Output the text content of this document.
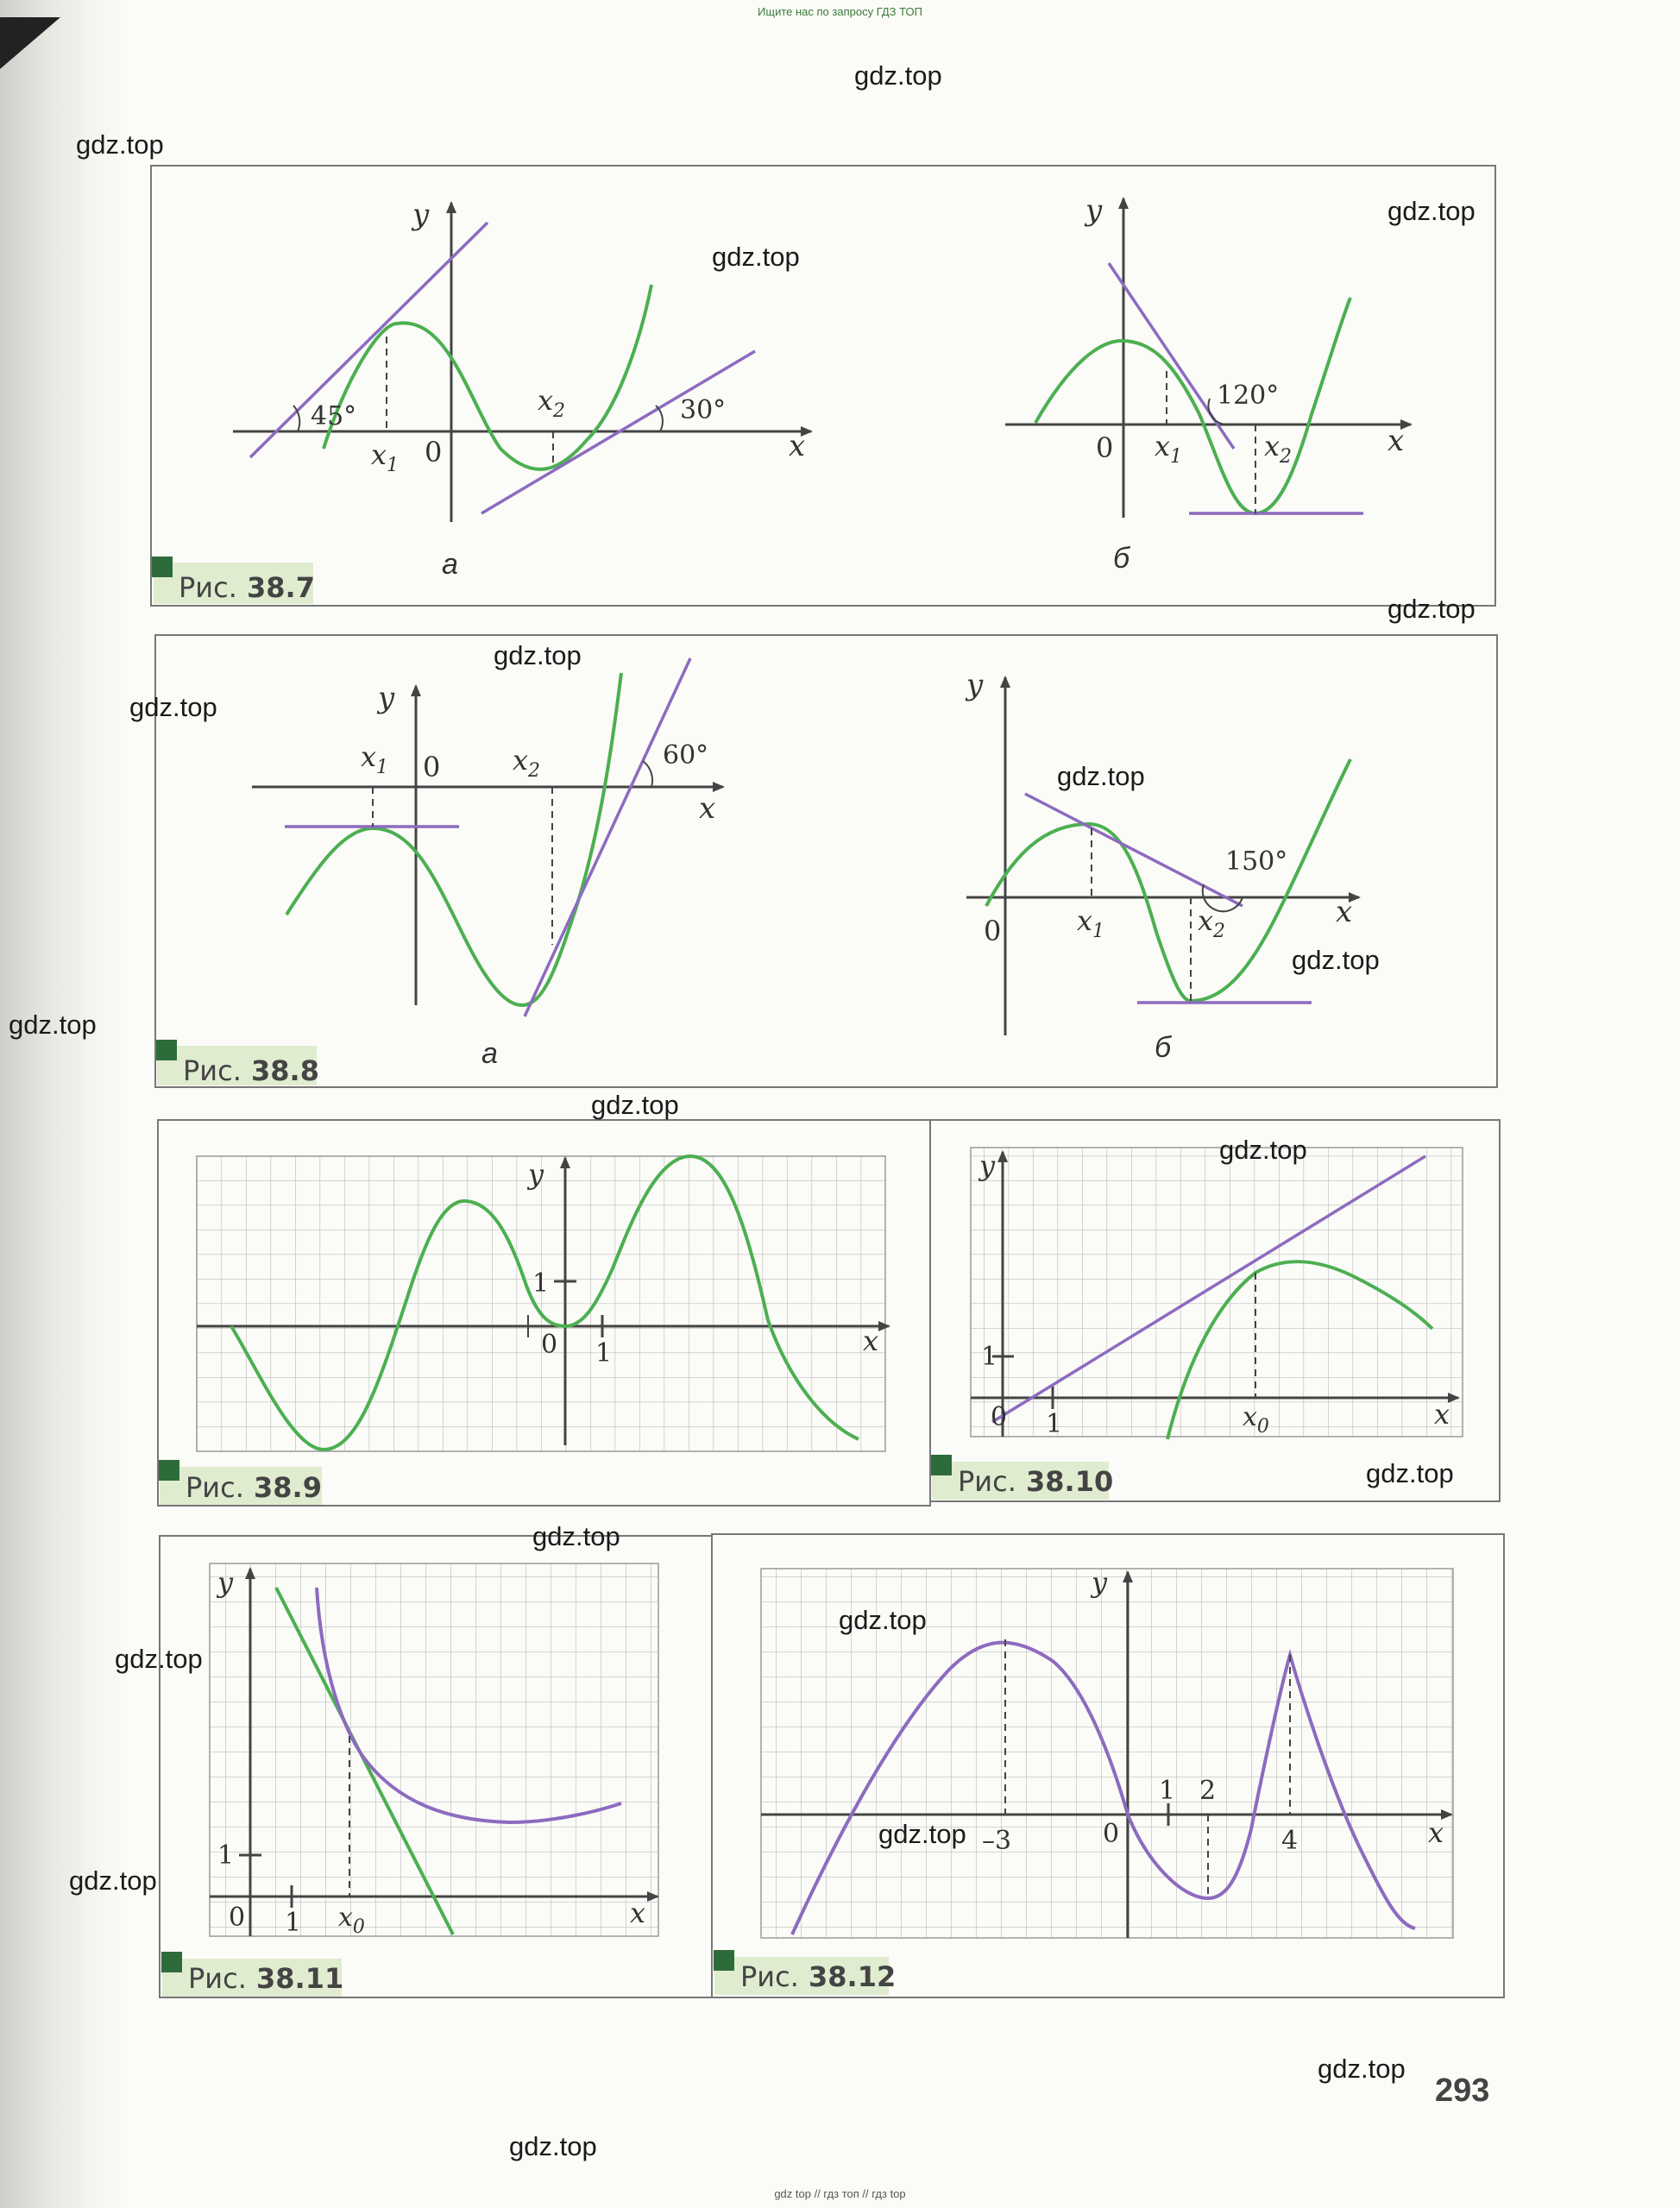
Ищите нас по запросу ГДЗ ТОП
gdz top // гдз топ // гдз top
Рис. 38.7
x
y
45°	30°
$x_1$ 0
$x_2$
а
x
y
120°
0 $x_1$	$x_2$
б
Рис. 38.8
x
y
60°
$x_1$ 0	$x_2$
а
x
y
150°
0	$x_1$	$x_2$
б
Рис. 38.9
x
y
1
0 1
Рис. 38.10
x
y
1
0 1	$x_0$
Рис. 38.11
x
y
1
0 1 $x_0$
Рис. 38.12
x
y
1 2
–3	4
0
gdz.top
gdz.top
gdz.top
gdz.top
gdz.top
gdz.top
gdz.top
gdz.top
gdz.top
gdz.top
gdz.top
gdz.top
gdz.top
gdz.top
gdz.top
gdz.top
gdz.top
gdz.top
gdz.top
gdz.top
293
